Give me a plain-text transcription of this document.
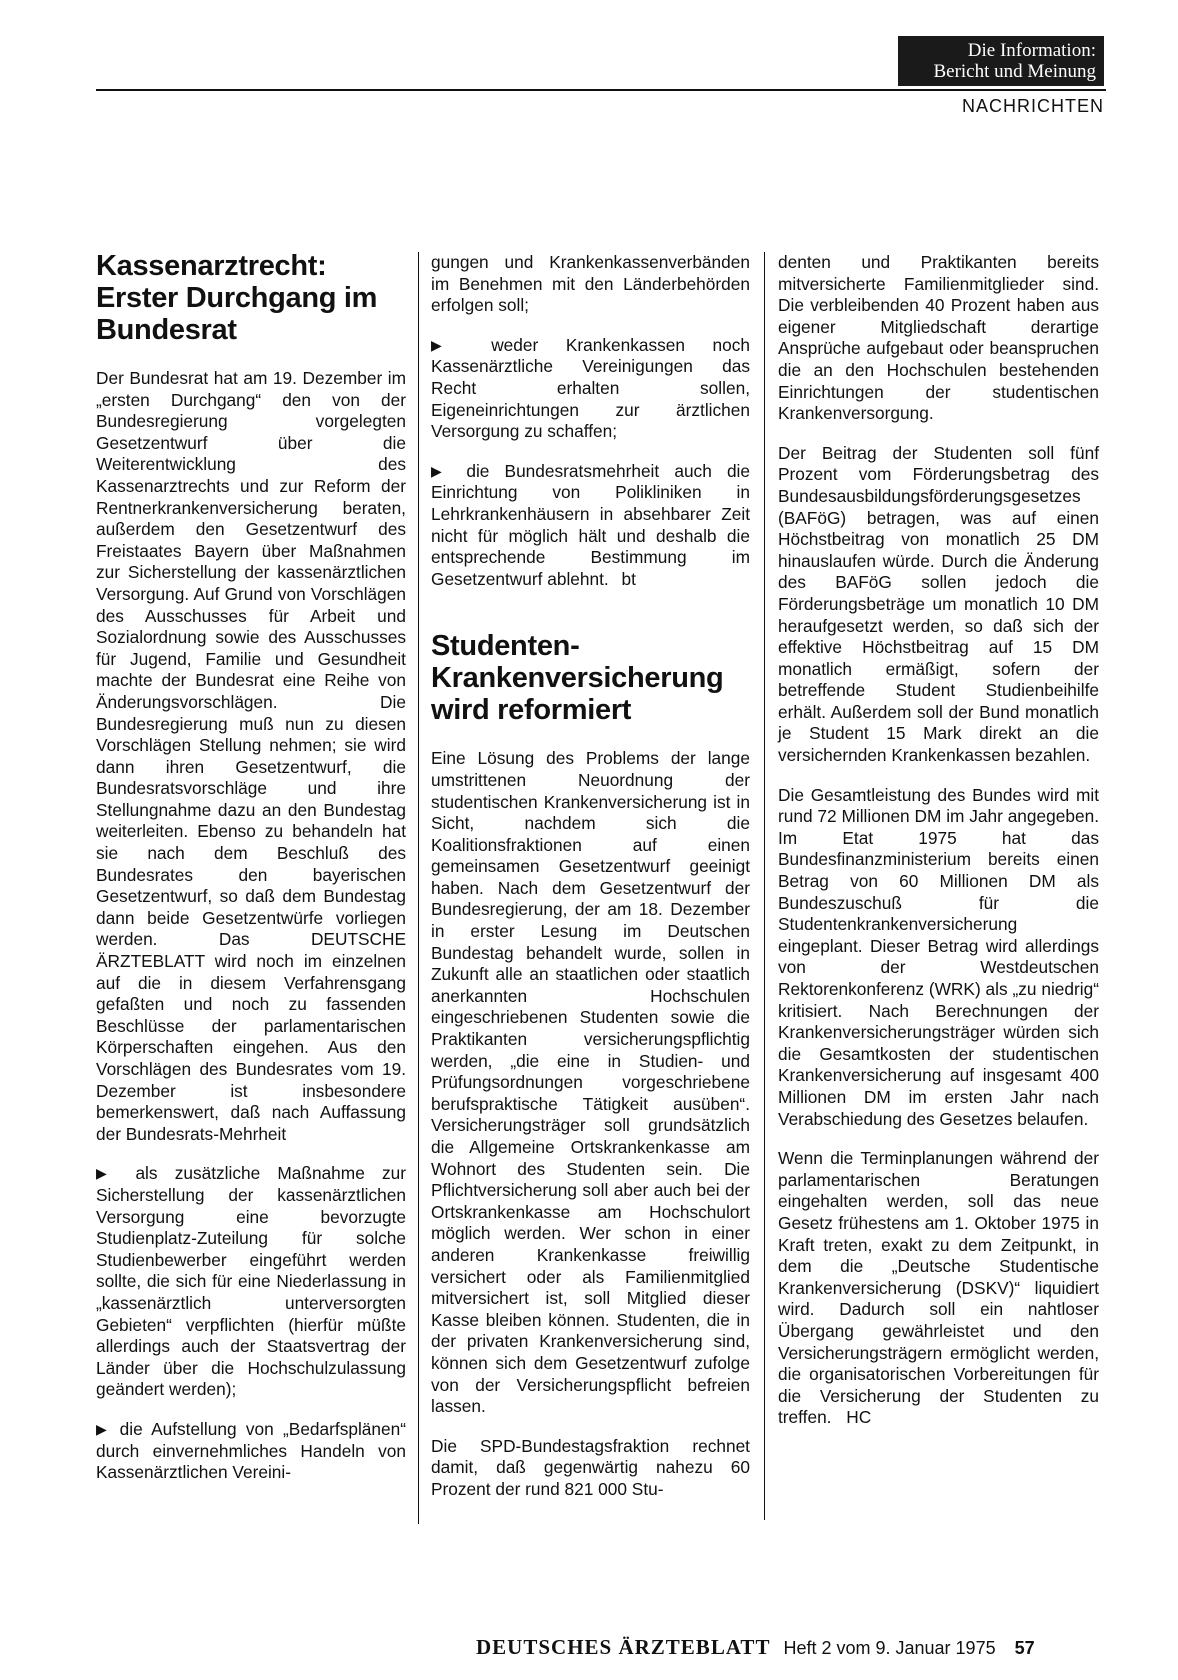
Die Information:
Bericht und Meinung
NACHRICHTEN
Kassenarztrecht: Erster Durchgang im Bundesrat

Der Bundesrat hat am 19. Dezember im „ersten Durchgang“ den von der Bundesregierung vorgelegten Gesetzentwurf über die Weiterentwicklung des Kassenarztrechts und zur Reform der Rentnerkrankenversicherung beraten, außerdem den Gesetzentwurf des Freistaates Bayern über Maßnahmen zur Sicherstellung der kassenärztlichen Versorgung. Auf Grund von Vorschlägen des Ausschusses für Arbeit und Sozialordnung sowie des Ausschusses für Jugend, Familie und Gesundheit machte der Bundesrat eine Reihe von Änderungsvorschlägen. Die Bundesregierung muß nun zu diesen Vorschlägen Stellung nehmen; sie wird dann ihren Gesetzentwurf, die Bundesratsvorschläge und ihre Stellungnahme dazu an den Bundestag weiterleiten. Ebenso zu behandeln hat sie nach dem Beschluß des Bundesrates den bayerischen Gesetzentwurf, so daß dem Bundestag dann beide Gesetzentwürfe vorliegen werden. Das DEUTSCHE ÄRZTEBLATT wird noch im einzelnen auf die in diesem Verfahrensgang gefaßten und noch zu fassenden Beschlüsse der parlamentarischen Körperschaften eingehen. Aus den Vorschlägen des Bundesrates vom 19. Dezember ist insbesondere bemerkenswert, daß nach Auffassung der Bundesrats-Mehrheit

▶ als zusätzliche Maßnahme zur Sicherstellung der kassenärztlichen Versorgung eine bevorzugte Studienplatz-Zuteilung für solche Studienbewerber eingeführt werden sollte, die sich für eine Niederlassung in „kassenärztlich unterversorgten Gebieten“ verpflichten (hierfür müßte allerdings auch der Staatsvertrag der Länder über die Hochschulzulassung geändert werden);

▶ die Aufstellung von „Bedarfsplänen“ durch einvernehmliches Handeln von Kassenärztlichen Vereini-

gungen und Krankenkassenverbänden im Benehmen mit den Länderbehörden erfolgen soll;

▶ weder Krankenkassen noch Kassenärztliche Vereinigungen das Recht erhalten sollen, Eigeneinrichtungen zur ärztlichen Versorgung zu schaffen;

▶ die Bundesratsmehrheit auch die Einrichtung von Polikliniken in Lehrkrankenhäusern in absehbarer Zeit nicht für möglich hält und deshalb die entsprechende Bestimmung im Gesetzentwurf ablehnt. bt

Studenten-Krankenversicherung wird reformiert

Eine Lösung des Problems der lange umstrittenen Neuordnung der studentischen Krankenversicherung ist in Sicht, nachdem sich die Koalitionsfraktionen auf einen gemeinsamen Gesetzentwurf geeinigt haben. Nach dem Gesetzentwurf der Bundesregierung, der am 18. Dezember in erster Lesung im Deutschen Bundestag behandelt wurde, sollen in Zukunft alle an staatlichen oder staatlich anerkannten Hochschulen eingeschriebenen Studenten sowie die Praktikanten versicherungspflichtig werden, „die eine in Studien- und Prüfungsordnungen vorgeschriebene berufspraktische Tätigkeit ausüben“. Versicherungsträger soll grundsätzlich die Allgemeine Ortskrankenkasse am Wohnort des Studenten sein. Die Pflichtversicherung soll aber auch bei der Ortskrankenkasse am Hochschulort möglich werden. Wer schon in einer anderen Krankenkasse freiwillig versichert oder als Familienmitglied mitversichert ist, soll Mitglied dieser Kasse bleiben können. Studenten, die in der privaten Krankenversicherung sind, können sich dem Gesetzentwurf zufolge von der Versicherungspflicht befreien lassen.

Die SPD-Bundestagsfraktion rechnet damit, daß gegenwärtig nahezu 60 Prozent der rund 821 000 Stu-

denten und Praktikanten bereits mitversicherte Familienmitglieder sind. Die verbleibenden 40 Prozent haben aus eigener Mitgliedschaft derartige Ansprüche aufgebaut oder beanspruchen die an den Hochschulen bestehenden Einrichtungen der studentischen Krankenversorgung.

Der Beitrag der Studenten soll fünf Prozent vom Förderungsbetrag des Bundesausbildungsförderungsgesetzes (BAFöG) betragen, was auf einen Höchstbeitrag von monatlich 25 DM hinauslaufen würde. Durch die Änderung des BAFöG sollen jedoch die Förderungsbeträge um monatlich 10 DM heraufgesetzt werden, so daß sich der effektive Höchstbeitrag auf 15 DM monatlich ermäßigt, sofern der betreffende Student Studienbeihilfe erhält. Außerdem soll der Bund monatlich je Student 15 Mark direkt an die versichernden Krankenkassen bezahlen.

Die Gesamtleistung des Bundes wird mit rund 72 Millionen DM im Jahr angegeben. Im Etat 1975 hat das Bundesfinanzministerium bereits einen Betrag von 60 Millionen DM als Bundeszuschuß für die Studentenkrankenversicherung eingeplant. Dieser Betrag wird allerdings von der Westdeutschen Rektorenkonferenz (WRK) als „zu niedrig“ kritisiert. Nach Berechnungen der Krankenversicherungsträger würden sich die Gesamtkosten der studentischen Krankenversicherung auf insgesamt 400 Millionen DM im ersten Jahr nach Verabschiedung des Gesetzes belaufen.

Wenn die Terminplanungen während der parlamentarischen Beratungen eingehalten werden, soll das neue Gesetz frühestens am 1. Oktober 1975 in Kraft treten, exakt zu dem Zeitpunkt, in dem die „Deutsche Studentische Krankenversicherung (DSKV)“ liquidiert wird. Dadurch soll ein nahtloser Übergang gewährleistet und den Versicherungsträgern ermöglicht werden, die organisatorischen Vorbereitungen für die Versicherung der Studenten zu treffen. HC

DEUTSCHES ÄRZTEBLATT Heft 2 vom 9. Januar 1975 57
